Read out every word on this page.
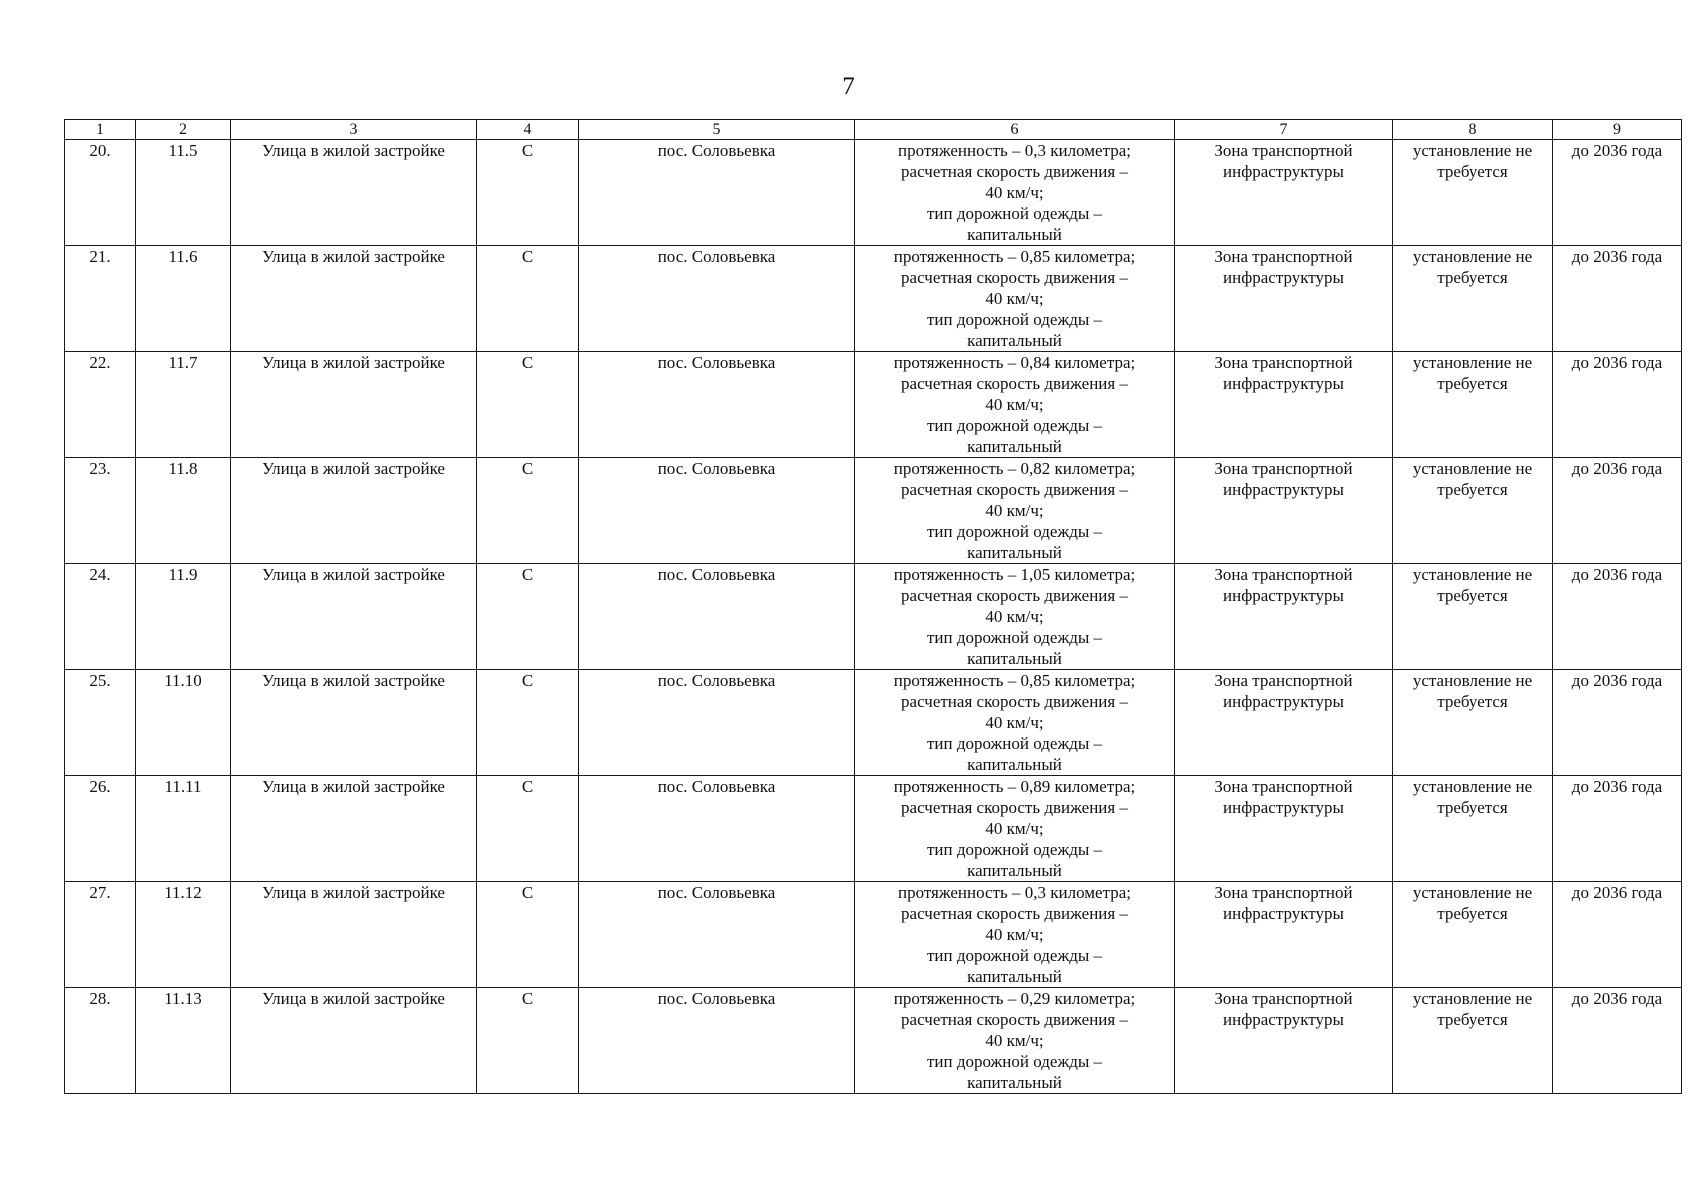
7
1	2	3	4	5	6	7	8	9
20.	11.5	Улица в жилой застройке	С	пос. Соловьевка	протяженность – 0,3 километра;
расчетная скорость движения –
40 км/ч;
тип дорожной одежды –
капитальный	Зона транспортной инфраструктуры	установление не требуется	до 2036 года
21.	11.6	Улица в жилой застройке	С	пос. Соловьевка	протяженность – 0,85 километра;
расчетная скорость движения –
40 км/ч;
тип дорожной одежды –
капитальный	Зона транспортной инфраструктуры	установление не требуется	до 2036 года
22.	11.7	Улица в жилой застройке	С	пос. Соловьевка	протяженность – 0,84 километра;
расчетная скорость движения –
40 км/ч;
тип дорожной одежды –
капитальный	Зона транспортной инфраструктуры	установление не требуется	до 2036 года
23.	11.8	Улица в жилой застройке	С	пос. Соловьевка	протяженность – 0,82 километра;
расчетная скорость движения –
40 км/ч;
тип дорожной одежды –
капитальный	Зона транспортной инфраструктуры	установление не требуется	до 2036 года
24.	11.9	Улица в жилой застройке	С	пос. Соловьевка	протяженность – 1,05 километра;
расчетная скорость движения –
40 км/ч;
тип дорожной одежды –
капитальный	Зона транспортной инфраструктуры	установление не требуется	до 2036 года
25.	11.10	Улица в жилой застройке	С	пос. Соловьевка	протяженность – 0,85 километра;
расчетная скорость движения –
40 км/ч;
тип дорожной одежды –
капитальный	Зона транспортной инфраструктуры	установление не требуется	до 2036 года
26.	11.11	Улица в жилой застройке	С	пос. Соловьевка	протяженность – 0,89 километра;
расчетная скорость движения –
40 км/ч;
тип дорожной одежды –
капитальный	Зона транспортной инфраструктуры	установление не требуется	до 2036 года
27.	11.12	Улица в жилой застройке	С	пос. Соловьевка	протяженность – 0,3 километра;
расчетная скорость движения –
40 км/ч;
тип дорожной одежды –
капитальный	Зона транспортной инфраструктуры	установление не требуется	до 2036 года
28.	11.13	Улица в жилой застройке	С	пос. Соловьевка	протяженность – 0,29 километра;
расчетная скорость движения –
40 км/ч;
тип дорожной одежды –
капитальный	Зона транспортной инфраструктуры	установление не требуется	до 2036 года
